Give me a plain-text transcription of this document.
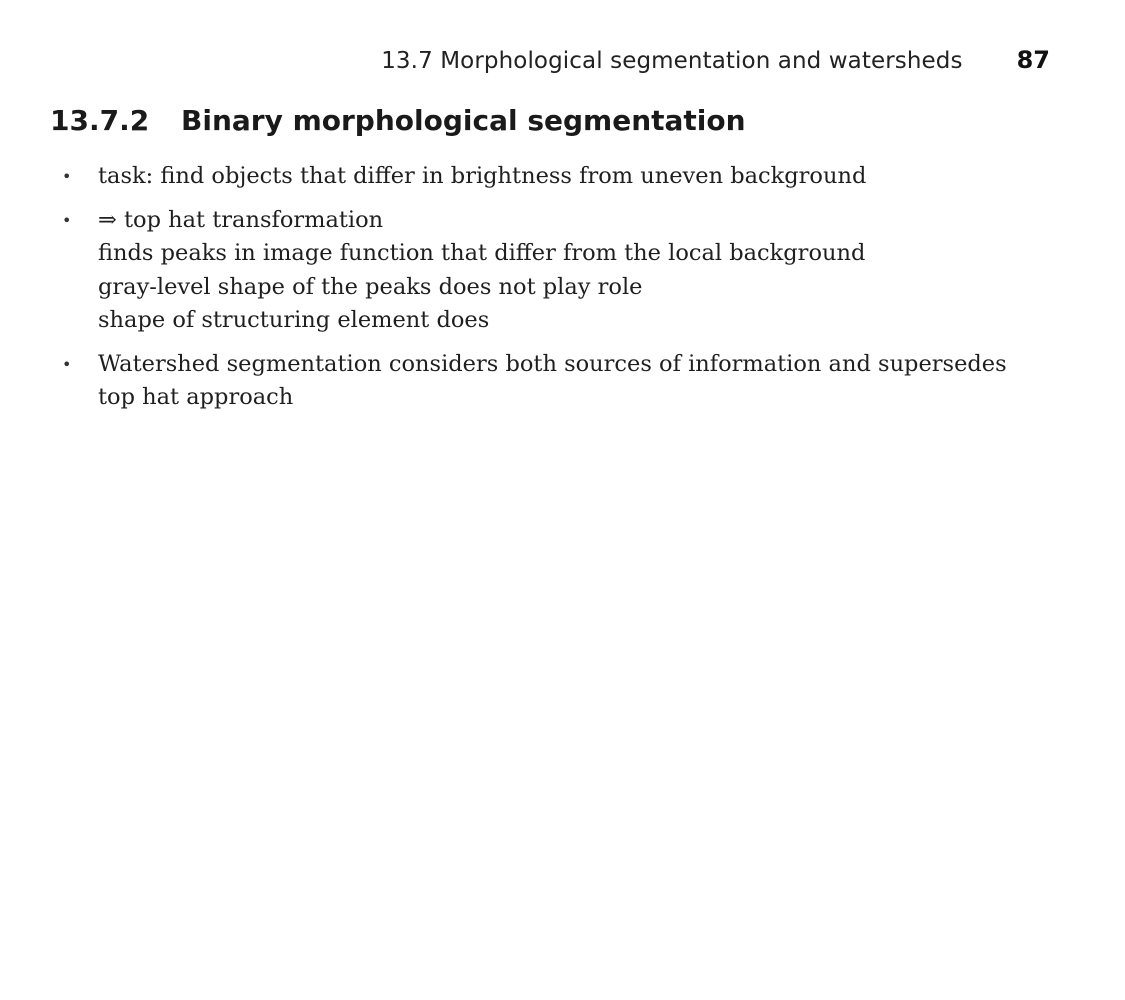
13.7 Morphological segmentation and watersheds 87
13.7.2 Binary morphological segmentation
• task: find objects that differ in brightness from uneven background
• ⇒ top hat transformation
finds peaks in image function that differ from the local background
gray-level shape of the peaks does not play role
shape of structuring element does
• Watershed segmentation considers both sources of information and supersedes
top hat approach
